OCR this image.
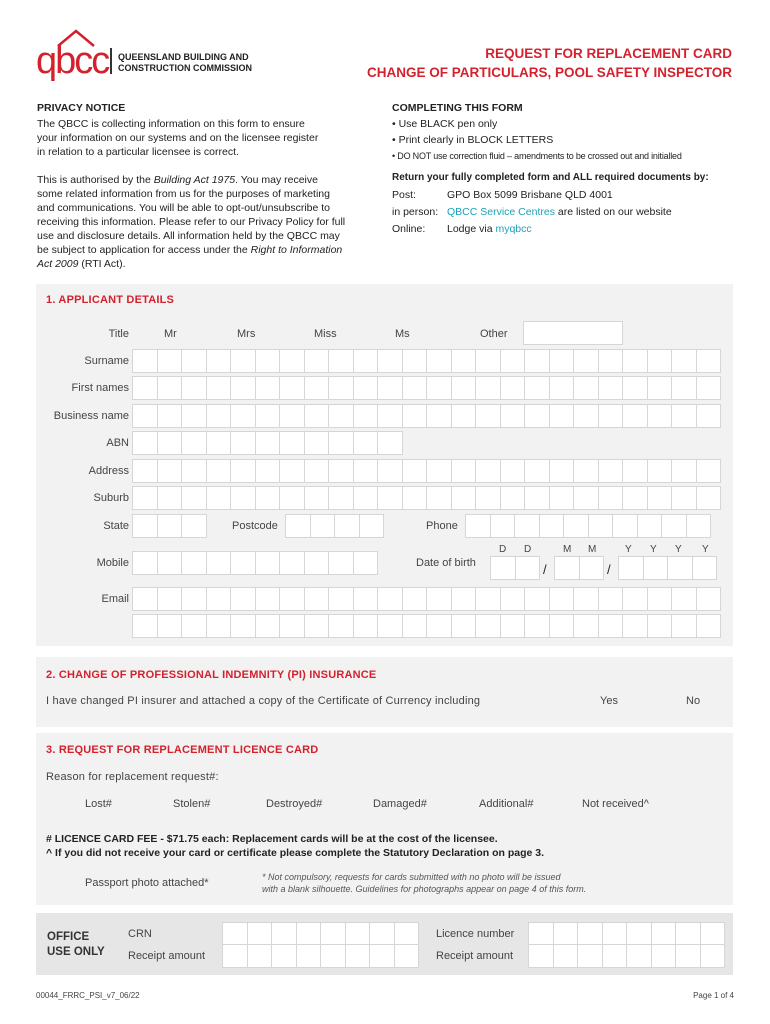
qbcc QUEENSLAND BUILDING AND
CONSTRUCTION COMMISSION
REQUEST FOR REPLACEMENT CARD
CHANGE OF PARTICULARS, POOL SAFETY INSPECTOR
PRIVACY NOTICE
The QBCC is collecting information on this form to ensure
your information on our systems and on the licensee register
in relation to a particular licensee is correct.
This is authorised by the Building Act 1975. You may receive
some related information from us for the purposes of marketing
and communications. You will be able to opt-out/unsubscribe to
receiving this information. Please refer to our Privacy Policy for full
use and disclosure details. All information held by the QBCC may
be subject to application for access under the Right to Information
Act 2009 (RTI Act).
COMPLETING THIS FORM
• Use BLACK pen only
• Print clearly in BLOCK LETTERS
• DO NOT use correction fluid – amendments to be crossed out and initialled
Return your fully completed form and ALL required documents by:
Post:	GPO Box 5099 Brisbane QLD 4001
in person: QBCC Service Centres are listed on our website
Online:	Lodge via myqbcc
1. APPLICANT DETAILS
Title	Mr	Mrs	Miss	Ms	Other
Surname
First names
Business name
ABN
Address
Suburb
State	Postcode	Phone
Mobile	Date of birth
D D	M M	Y Y Y Y
/	/
Email
2. CHANGE OF PROFESSIONAL INDEMNITY (PI) INSURANCE
I have changed PI insurer and attached a copy of the Certificate of Currency including	Yes	No
3. REQUEST FOR REPLACEMENT LICENCE CARD
Reason for replacement request#:
Lost#	Stolen#	Destroyed#	Damaged#	Additional#	Not received^
# LICENCE CARD FEE - $71.75 each: Replacement cards will be at the cost of the licensee.
^ If you did not receive your card or certificate please complete the Statutory Declaration on page 3.
Passport photo attached*	* Not compulsory, requests for cards submitted with no photo will be issued
with a blank silhouette. Guidelines for photographs appear on page 4 of this form.
OFFICE
USE ONLY
CRN
Receipt amount
Licence number
Receipt amount
00044_FRRC_PSI_v7_06/22	Page 1 of 4
